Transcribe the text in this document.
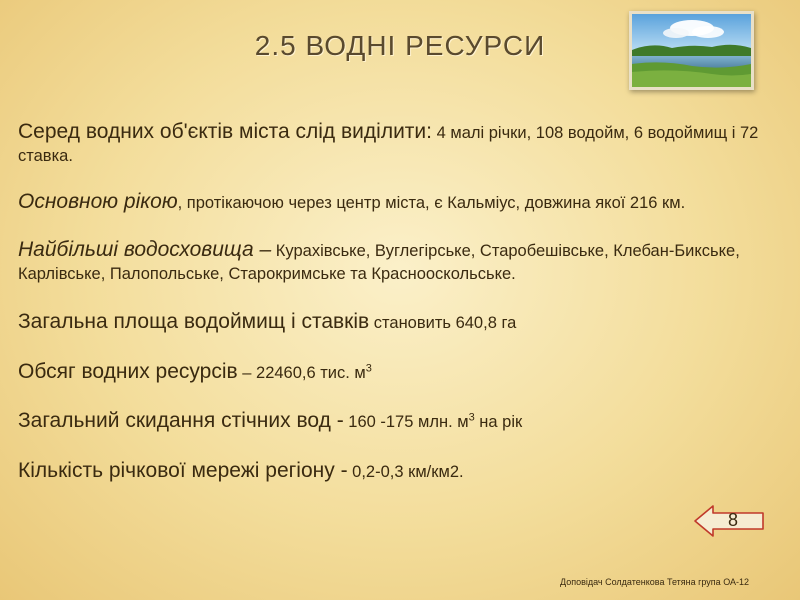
2.5 ВОДНІ РЕСУРСИ

Серед водних об'єктів міста слід виділити: 4 малі річки, 108 водойм, 6 водоймищ і 72 ставка.

Основною рікою, протікаючою через центр міста, є Кальміус, довжина якої 216 км.

Найбільші водосховища – Курахівське, Вуглегірське, Старобешівське, Клебан-Бикське, Карлівське, Палопольське, Старокримське та Краснооскольське.

Загальна площа водоймищ і ставків становить 640,8 га

Обсяг водних ресурсів – 22460,6 тис. $м^3$

Загальний скидання стічних вод - 160 -175 млн. $м^3$ на рік

Кількість річкової мережі регіону - 0,2-0,3 км/км2.

8
Доповідач Солдатенкова Тетяна група ОА-12
